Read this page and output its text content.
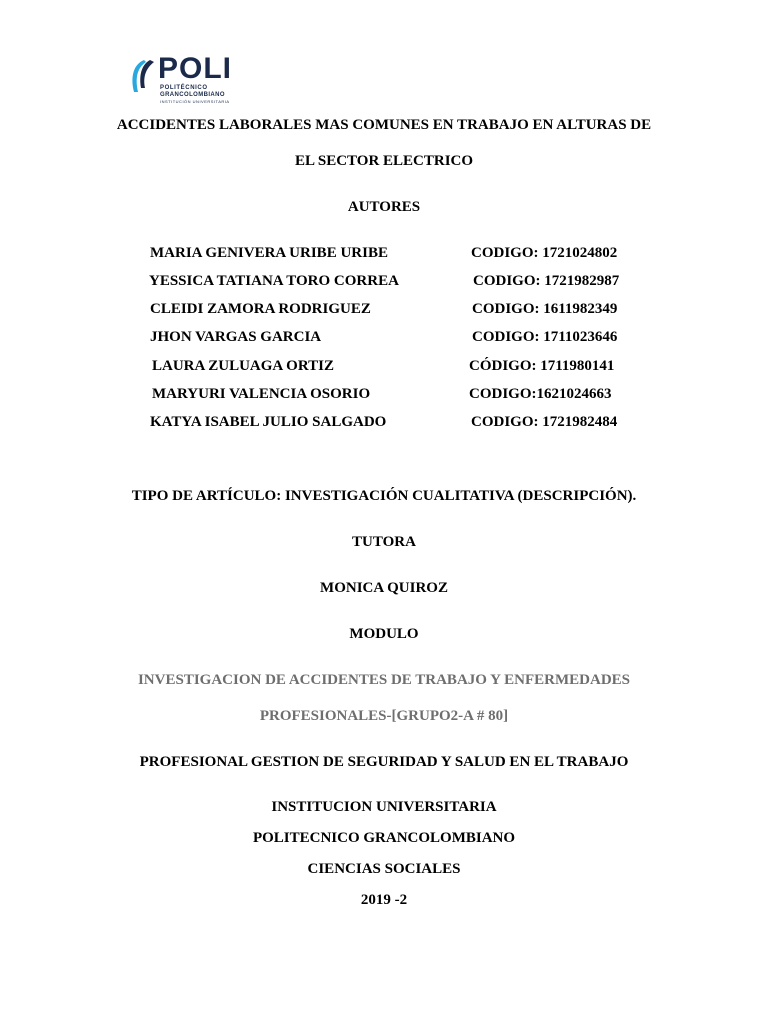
POLI
POLITÉCNICO
GRANCOLOMBIANO
INSTITUCIÓN UNIVERSITARIA
ACCIDENTES LABORALES MAS COMUNES EN TRABAJO EN ALTURAS DE
EL SECTOR ELECTRICO
AUTORES
MARIA GENIVERA URIBE URIBE	CODIGO: 1721024802
YESSICA TATIANA TORO CORREA	CODIGO: 1721982987
CLEIDI ZAMORA RODRIGUEZ	CODIGO: 1611982349
JHON VARGAS GARCIA	CODIGO: 1711023646
LAURA ZULUAGA ORTIZ	CÓDIGO: 1711980141
MARYURI VALENCIA OSORIO	CODIGO:1621024663
KATYA ISABEL JULIO SALGADO	CODIGO: 1721982484
TIPO DE ARTÍCULO: INVESTIGACIÓN CUALITATIVA (DESCRIPCIÓN).
TUTORA
MONICA QUIROZ
MODULO
INVESTIGACION DE ACCIDENTES DE TRABAJO Y ENFERMEDADES
PROFESIONALES-[GRUPO2-A # 80]
PROFESIONAL GESTION DE SEGURIDAD Y SALUD EN EL TRABAJO
INSTITUCION UNIVERSITARIA
POLITECNICO GRANCOLOMBIANO
CIENCIAS SOCIALES
2019 -2
